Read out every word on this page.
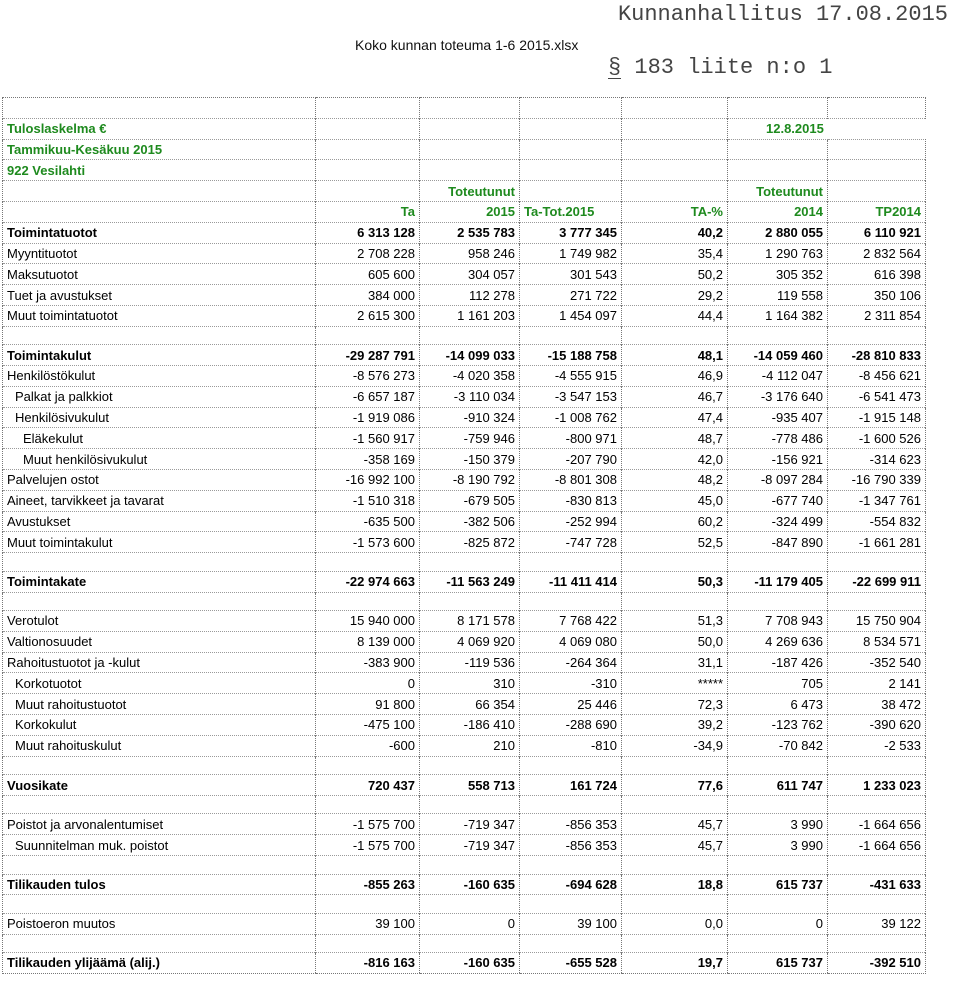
Kunnanhallitus 17.08.2015
Koko kunnan toteuma 1-6 2015.xlsx
§ 183 liite n:o 1

Tuloslaskelma €					12.8.2015	
Tammikuu-Kesäkuu 2015						
922 Vesilahti						
		Toteutunut			Toteutunut	
	Ta	2015	Ta-Tot.2015	TA-%	2014	TP2014
Toimintatuotot	6 313 128	2 535 783	3 777 345	40,2	2 880 055	6 110 921
Myyntituotot	2 708 228	958 246	1 749 982	35,4	1 290 763	2 832 564
Maksutuotot	605 600	304 057	301 543	50,2	305 352	616 398
Tuet ja avustukset	384 000	112 278	271 722	29,2	119 558	350 106
Muut toimintatuotot	2 615 300	1 161 203	1 454 097	44,4	1 164 382	2 311 854

Toimintakulut	-29 287 791	-14 099 033	-15 188 758	48,1	-14 059 460	-28 810 833
Henkilöstökulut	-8 576 273	-4 020 358	-4 555 915	46,9	-4 112 047	-8 456 621
Palkat ja palkkiot	-6 657 187	-3 110 034	-3 547 153	46,7	-3 176 640	-6 541 473
Henkilösivukulut	-1 919 086	-910 324	-1 008 762	47,4	-935 407	-1 915 148
Eläkekulut	-1 560 917	-759 946	-800 971	48,7	-778 486	-1 600 526
Muut henkilösivukulut	-358 169	-150 379	-207 790	42,0	-156 921	-314 623
Palvelujen ostot	-16 992 100	-8 190 792	-8 801 308	48,2	-8 097 284	-16 790 339
Aineet, tarvikkeet ja tavarat	-1 510 318	-679 505	-830 813	45,0	-677 740	-1 347 761
Avustukset	-635 500	-382 506	-252 994	60,2	-324 499	-554 832
Muut toimintakulut	-1 573 600	-825 872	-747 728	52,5	-847 890	-1 661 281

Toimintakate	-22 974 663	-11 563 249	-11 411 414	50,3	-11 179 405	-22 699 911

Verotulot	15 940 000	8 171 578	7 768 422	51,3	7 708 943	15 750 904
Valtionosuudet	8 139 000	4 069 920	4 069 080	50,0	4 269 636	8 534 571
Rahoitustuotot ja -kulut	-383 900	-119 536	-264 364	31,1	-187 426	-352 540
Korkotuotot	0	310	-310	*****	705	2 141
Muut rahoitustuotot	91 800	66 354	25 446	72,3	6 473	38 472
Korkokulut	-475 100	-186 410	-288 690	39,2	-123 762	-390 620
Muut rahoituskulut	-600	210	-810	-34,9	-70 842	-2 533

Vuosikate	720 437	558 713	161 724	77,6	611 747	1 233 023

Poistot ja arvonalentumiset	-1 575 700	-719 347	-856 353	45,7	3 990	-1 664 656
Suunnitelman muk. poistot	-1 575 700	-719 347	-856 353	45,7	3 990	-1 664 656

Tilikauden tulos	-855 263	-160 635	-694 628	18,8	615 737	-431 633

Poistoeron muutos	39 100	0	39 100	0,0	0	39 122

Tilikauden ylijäämä (alij.)	-816 163	-160 635	-655 528	19,7	615 737	-392 510
